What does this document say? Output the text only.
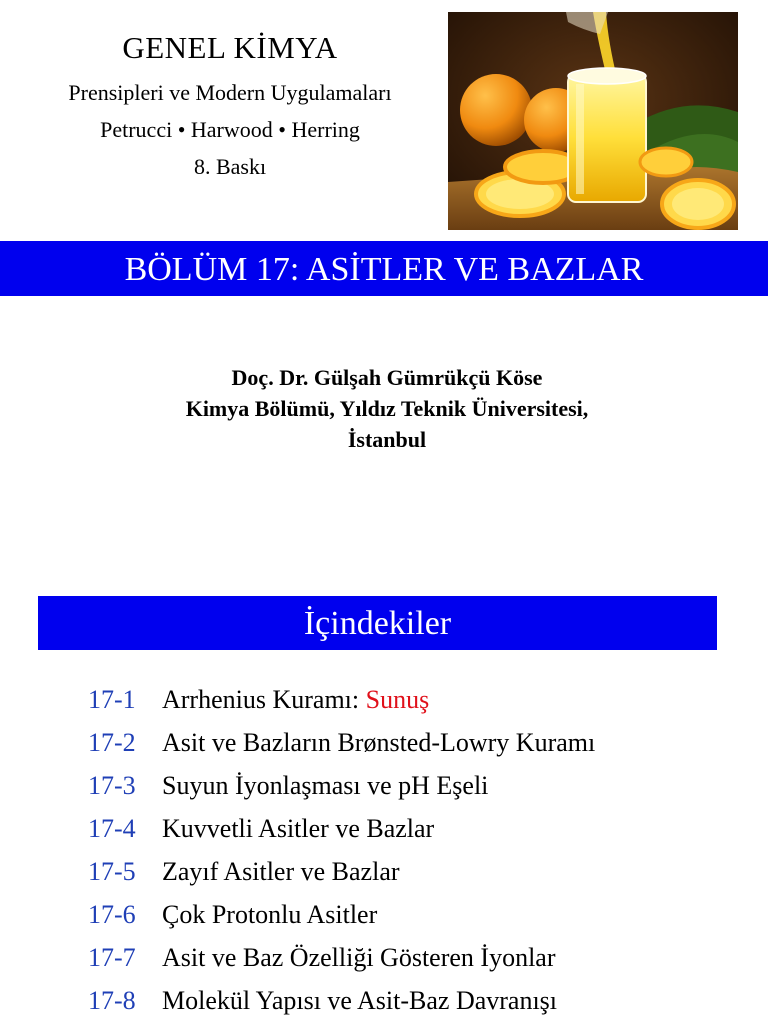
GENEL KİMYA
Prensipleri ve Modern Uygulamaları
Petrucci • Harwood • Herring
8. Baskı
BÖLÜM 17: ASİTLER VE BAZLAR
Doç. Dr. Gülşah Gümrükçü Köse
Kimya Bölümü, Yıldız Teknik Üniversitesi,
İstanbul
İçindekiler
17-1 Arrhenius Kuramı: Sunuş
17-2 Asit ve Bazların Brønsted-Lowry Kuramı
17-3 Suyun İyonlaşması ve pH Eşeli
17-4 Kuvvetli Asitler ve Bazlar
17-5 Zayıf Asitler ve Bazlar
17-6 Çok Protonlu Asitler
17-7 Asit ve Baz Özelliği Gösteren İyonlar
17-8 Molekül Yapısı ve Asit-Baz Davranışı
